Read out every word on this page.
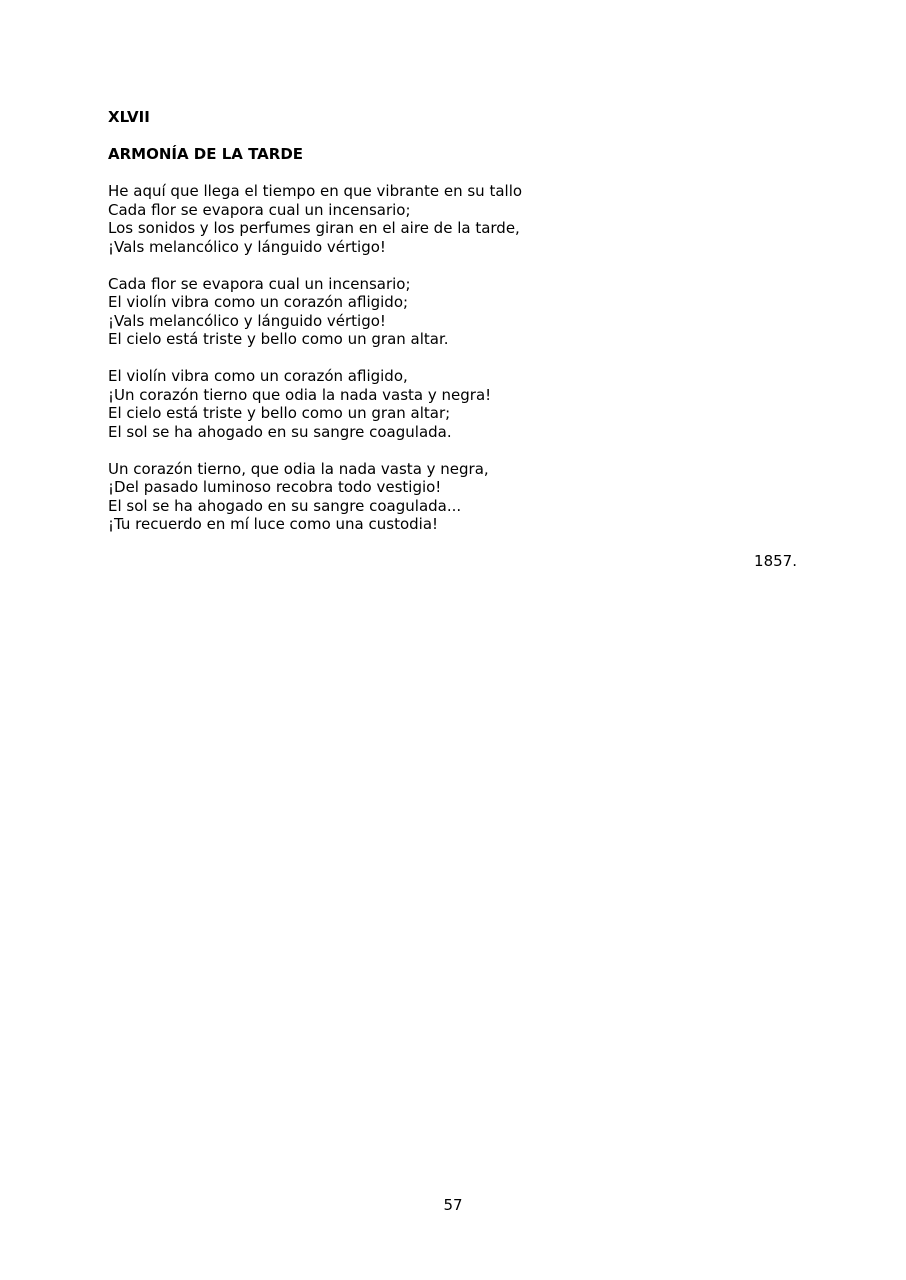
XLVII

ARMONÍA DE LA TARDE

He aquí que llega el tiempo en que vibrante en su tallo
Cada flor se evapora cual un incensario;
Los sonidos y los perfumes giran en el aire de la tarde,
¡Vals melancólico y lánguido vértigo!

Cada flor se evapora cual un incensario;
El violín vibra como un corazón afligido;
¡Vals melancólico y lánguido vértigo!
El cielo está triste y bello como un gran altar.

El violín vibra como un corazón afligido,
¡Un corazón tierno que odia la nada vasta y negra!
El cielo está triste y bello como un gran altar;
El sol se ha ahogado en su sangre coagulada.

Un corazón tierno, que odia la nada vasta y negra,
¡Del pasado luminoso recobra todo vestigio!
El sol se ha ahogado en su sangre coagulada...
¡Tu recuerdo en mí luce como una custodia!

1857.

57
